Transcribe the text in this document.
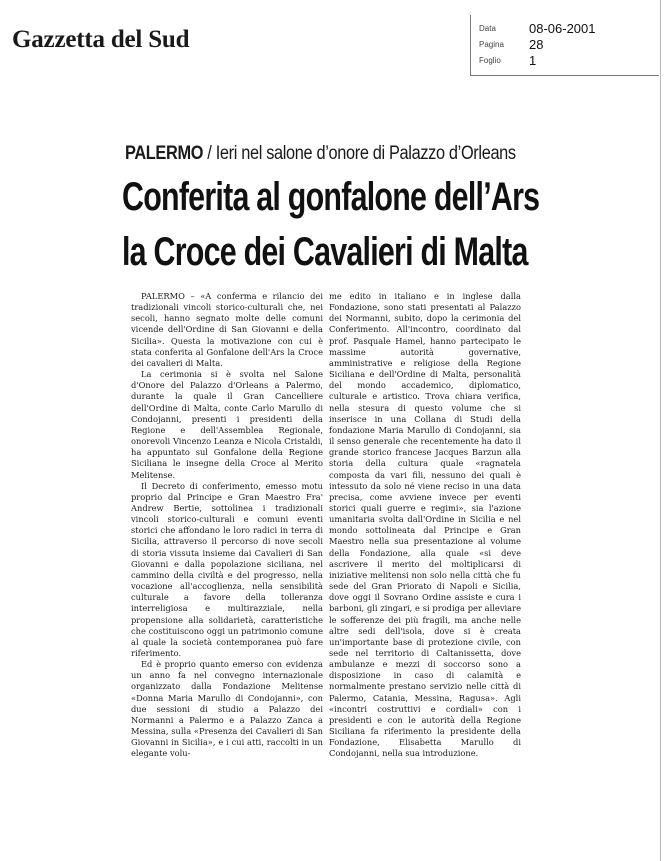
Gazzetta del Sud	Data	08-06-2001
Pagina 28
Foglio 1
PALERMO / Ieri nel salone d’onore di Palazzo d’Orleans
Conferita al gonfalone dell’Ars
la Croce dei Cavalieri di Malta

PALERMO – «A conferma e rilancio dei tradizionali vincoli storico-culturali che, nei secoli, hanno segnato molte delle comuni vicende dell'Ordine di San Giovanni e della Sicilia». Questa la motivazione con cui è stata conferita al Gonfalone dell'Ars la Croce dei cavalieri di Malta.

La cerimonia si è svolta nel Salone d'Onore del Palazzo d'Orleans a Palermo, durante la quale il Gran Cancelliere dell'Ordine di Malta, conte Carlo Marullo di Condojanni, presenti i presidenti della Regione e dell'Assemblea Regionale, onorevoli Vincenzo Leanza e Nicola Cristaldi, ha appuntato sul Gonfalone della Regione Siciliana le insegne della Croce al Merito Melitense.

Il Decreto di conferimento, emesso motu proprio dal Principe e Gran Maestro Fra' Andrew Bertie, sottolinea i tradizionali vincoli storico-culturali e comuni eventi storici che affondano le loro radici in terra di Sicilia, attraverso il percorso di nove secoli di storia vissuta insieme dai Cavalieri di San Giovanni e dalla popolazione siciliana, nel cammino della civiltà e del progresso, nella vocazione all'accoglienza, nella sensibilità culturale a favore della tolleranza interreligiosa e multirazziale, nella propensione alla solidarietà, caratteristiche che costituiscono oggi un patrimonio comune al quale la società contemporanea può fare riferimento.

Ed è proprio quanto emerso con evidenza un anno fa nel convegno internazionale organizzato dalla Fondazione Melitense «Donna Maria Marullo di Condojanni», con due sessioni di studio a Palazzo dei Normanni a Palermo e a Palazzo Zanca a Messina, sulla «Presenza dei Cavalieri di San Giovanni in Sicilia», e i cui atti, raccolti in un elegante volu-

me edito in italiano e in inglese dalla Fondazione, sono stati presentati al Palazzo dei Normanni, subito, dopo la cerimonia del Conferimento. All'incontro, coordinato dal prof. Pasquale Hamel, hanno partecipato le massime autorità governative, amministrative e religiose della Regione Siciliana e dell'Ordine di Malta, personalità del mondo accademico, diplomatico, culturale e artistico. Trova chiara verifica, nella stesura di questo volume che si inserisce in una Collana di Studi della fondazione Maria Marullo di Condojanni, sia il senso generale che recentemente ha dato il grande storico francese Jacques Barzun alla storia della cultura quale «ragnatela composta da vari fili, nessuno dei quali è intessuto da solo né viene reciso in una data precisa, come avviene invece per eventi storici quali guerre e regimi», sia l'azione umanitaria svolta dall'Ordine in Sicilia e nel mondo sottolineata dal Principe e Gran Maestro nella sua presentazione al volume della Fondazione, alla quale «si deve ascrivere il merito del moltiplicarsi di iniziative melitensi non solo nella città che fu sede del Gran Priorato di Napoli e Sicilia, dove oggi il Sovrano Ordine assiste e cura i barboni, gli zingari, e si prodiga per alleviare le sofferenze dei più fragili, ma anche nelle altre sedi dell'isola, dove si è creata un'importante base di protezione civile, con sede nel territorio di Caltanissetta, dove ambulanze e mezzi di soccorso sono a disposizione in caso di calamità e normalmente prestano servizio nelle città di Palermo, Catania, Messina, Ragusa». Agli «incontri costruttivi e cordiali» con i presidenti e con le autorità della Regione Siciliana fa riferimento la presidente della Fondazione, Elisabetta Marullo di Condojanni, nella sua introduzione.
